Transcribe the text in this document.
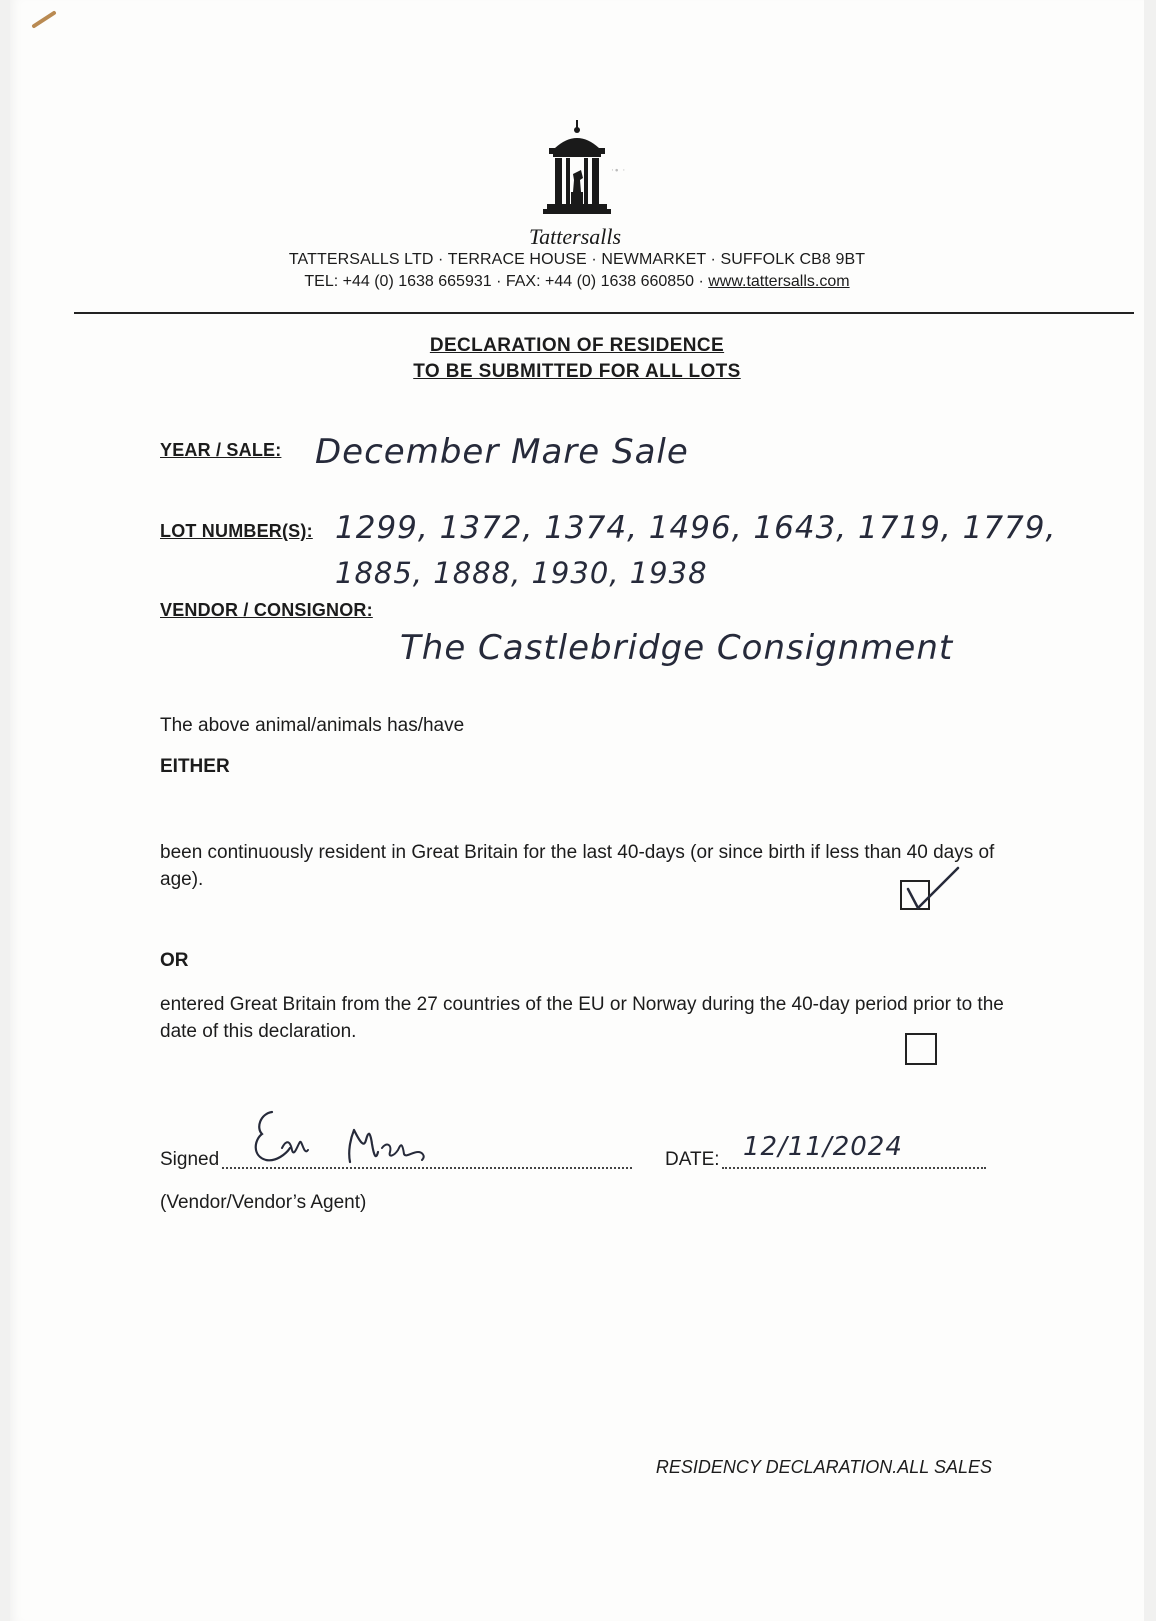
·∙ ·
Tattersalls
TATTERSALLS LTD · TERRACE HOUSE · NEWMARKET · SUFFOLK CB8 9BT
TEL: +44 (0) 1638 665931 · FAX: +44 (0) 1638 660850 · www.tattersalls.com
DECLARATION OF RESIDENCE
TO BE SUBMITTED FOR ALL LOTS
YEAR / SALE: December Mare Sale
LOT NUMBER(S): 1299, 1372, 1374, 1496, 1643, 1719, 1779,
1885, 1888, 1930, 1938
VENDOR / CONSIGNOR:
The Castlebridge Consignment
The above animal/animals has/have
EITHER
been continuously resident in Great Britain for the last 40-days (or since birth if less than 40 days of age).
OR
entered Great Britain from the 27 countries of the EU or Norway during the 40-day period prior to the date of this declaration.
Signed	DATE: 12/11/2024
(Vendor/Vendor’s Agent)
RESIDENCY DECLARATION.ALL SALES
